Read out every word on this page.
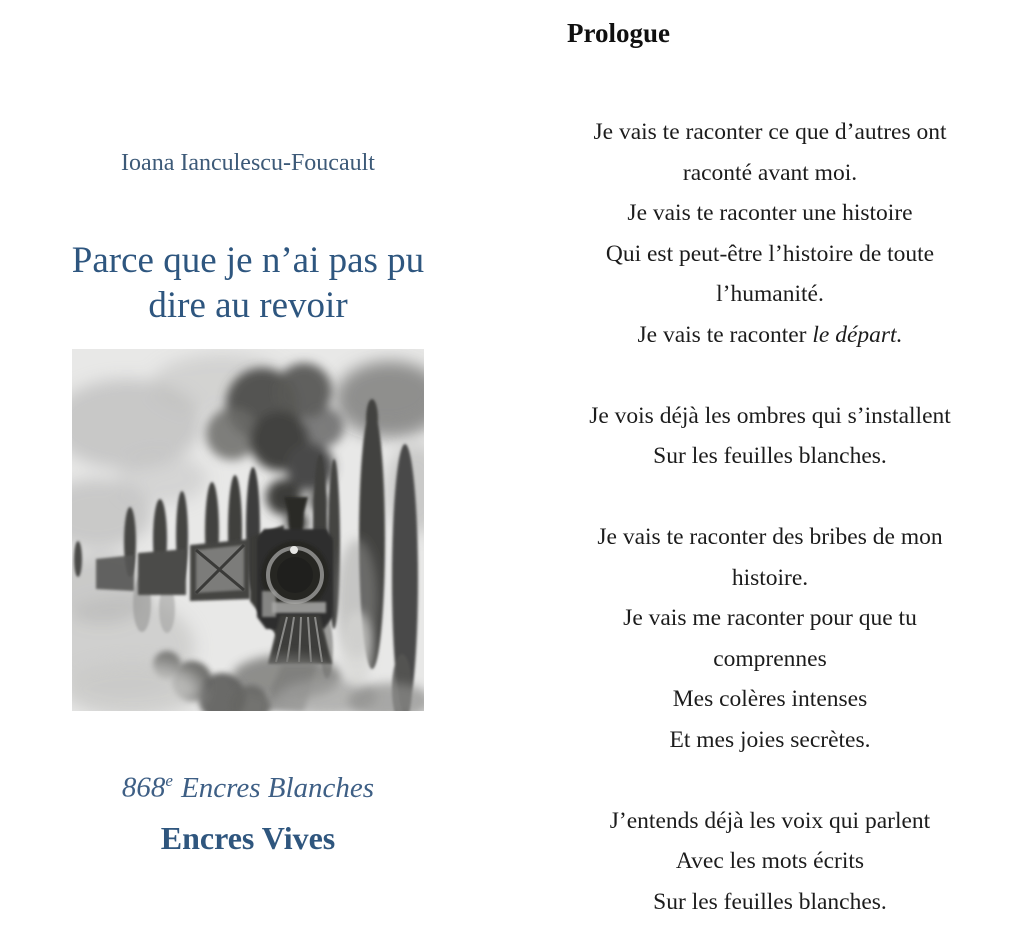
Ioana Ianculescu-Foucault
Parce que je n’ai pas pu
dire au revoir
868e Encres Blanches
Encres Vives
Prologue
Je vais te raconter ce que d’autres ont
raconté avant moi.
Je vais te raconter une histoire
Qui est peut-être l’histoire de toute
l’humanité.
Je vais te raconter le départ.
Je vois déjà les ombres qui s’installent
Sur les feuilles blanches.
Je vais te raconter des bribes de mon
histoire.
Je vais me raconter pour que tu
comprennes
Mes colères intenses
Et mes joies secrètes.
J’entends déjà les voix qui parlent
Avec les mots écrits
Sur les feuilles blanches.
